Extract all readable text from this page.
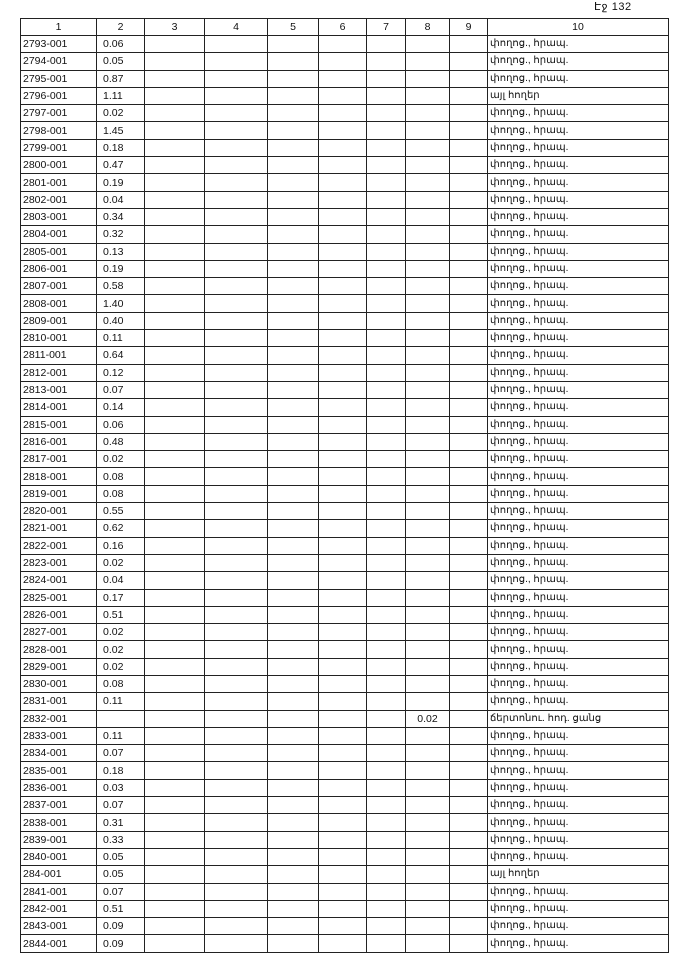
Էջ 132
1	2	3	4	5	6	7	8	9	10
2793-001	0.06								փողոց., հրապ.
2794-001	0.05								փողոց., հրապ.
2795-001	0.87								փողոց., հրապ.
2796-001	1.11								այլ հողեր
2797-001	0.02								փողոց., հրապ.
2798-001	1.45								փողոց., հրապ.
2799-001	0.18								փողոց., հրապ.
2800-001	0.47								փողոց., հրապ.
2801-001	0.19								փողոց., հրապ.
2802-001	0.04								փողոց., հրապ.
2803-001	0.34								փողոց., հրապ.
2804-001	0.32								փողոց., հրապ.
2805-001	0.13								փողոց., հրապ.
2806-001	0.19								փողոց., հրապ.
2807-001	0.58								փողոց., հրապ.
2808-001	1.40								փողոց., հրապ.
2809-001	0.40								փողոց., հրապ.
2810-001	0.11								փողոց., հրապ.
2811-001	0.64								փողոց., հրապ.
2812-001	0.12								փողոց., հրապ.
2813-001	0.07								փողոց., հրապ.
2814-001	0.14								փողոց., հրապ.
2815-001	0.06								փողոց., հրապ.
2816-001	0.48								փողոց., հրապ.
2817-001	0.02								փողոց., հրապ.
2818-001	0.08								փողոց., հրապ.
2819-001	0.08								փողոց., հրապ.
2820-001	0.55								փողոց., հրապ.
2821-001	0.62								փողոց., հրապ.
2822-001	0.16								փողոց., հրապ.
2823-001	0.02								փողոց., հրապ.
2824-001	0.04								փողոց., հրապ.
2825-001	0.17								փողոց., հրապ.
2826-001	0.51								փողոց., հրապ.
2827-001	0.02								փողոց., հրապ.
2828-001	0.02								փողոց., հրապ.
2829-001	0.02								փողոց., հրապ.
2830-001	0.08								փողոց., հրապ.
2831-001	0.11								փողոց., հրապ.
2832-001							0.02		ճերտոնու. հոդ. ցանց
2833-001	0.11								փողոց., հրապ.
2834-001	0.07								փողոց., հրապ.
2835-001	0.18								փողոց., հրապ.
2836-001	0.03								փողոց., հրապ.
2837-001	0.07								փողոց., հրապ.
2838-001	0.31								փողոց., հրապ.
2839-001	0.33								փողոց., հրապ.
2840-001	0.05								փողոց., հրապ.
284-001	0.05								այլ հողեր
2841-001	0.07								փողոց., հրապ.
2842-001	0.51								փողոց., հրապ.
2843-001	0.09								փողոց., հրապ.
2844-001	0.09								փողոց., հրապ.
